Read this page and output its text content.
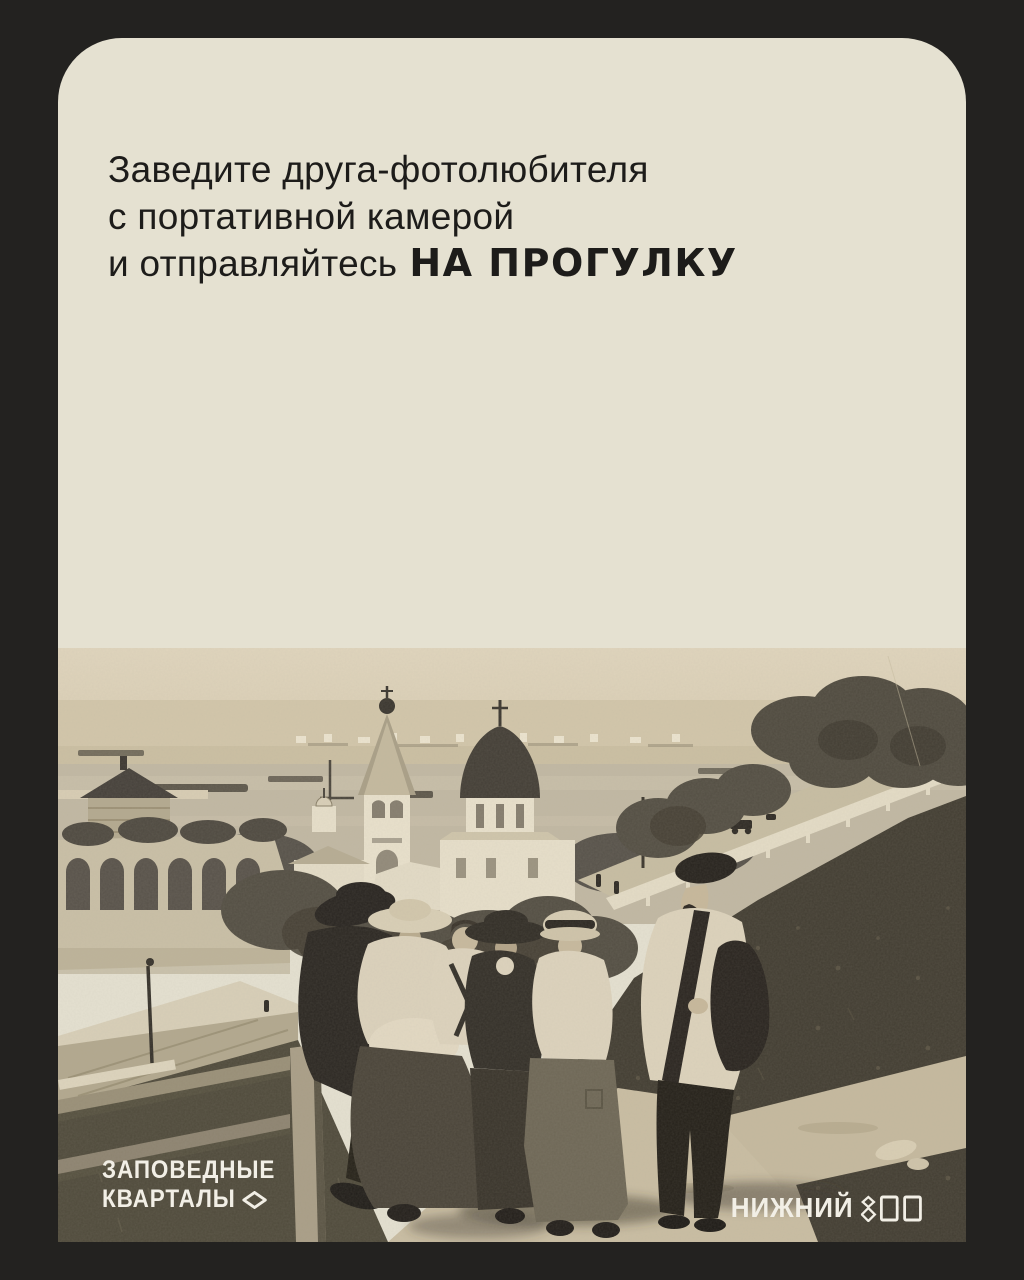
Заведите друга-фотолюбителя
с портативной камерой
и отправляйтесь НА ПРОГУЛКУ
ЗАПОВЕДНЫЕ
КВАРТАЛЫ	НИЖНИЙ
